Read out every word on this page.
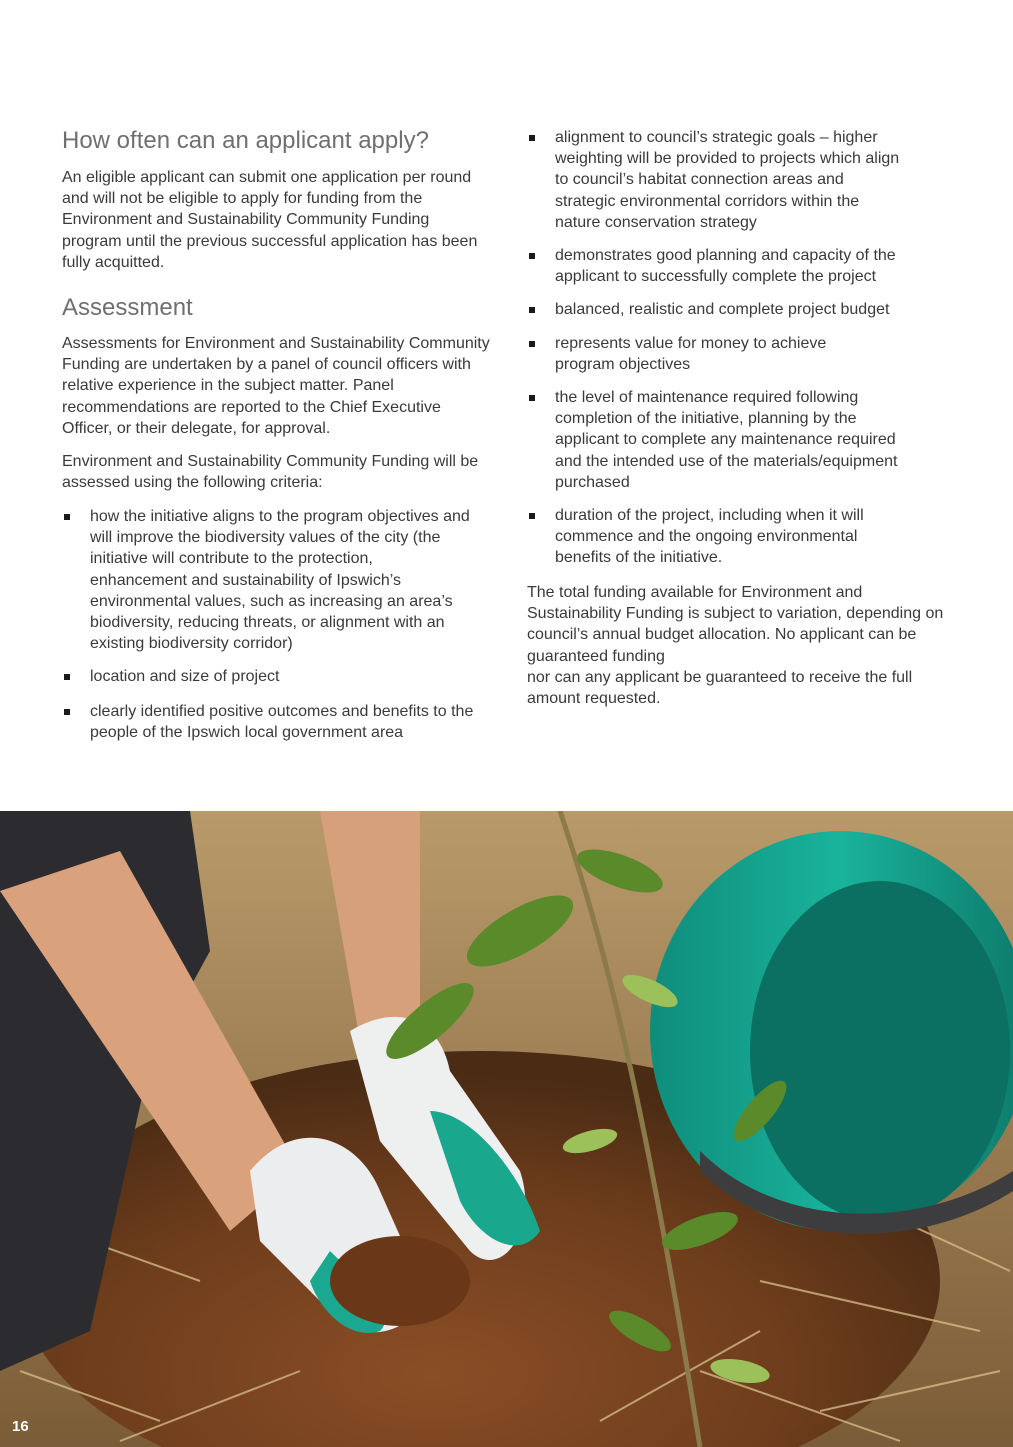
How often can an applicant apply?

An eligible applicant can submit one application per round and will not be eligible to apply for funding from the Environment and Sustainability Community Funding program until the previous successful application has been fully acquitted.

Assessment

Assessments for Environment and Sustainability Community Funding are undertaken by a panel of council officers with relative experience in the subject matter. Panel recommendations are reported to the Chief Executive Officer, or their delegate, for approval.

Environment and Sustainability Community Funding will be assessed using the following criteria:

how the initiative aligns to the program objectives and will improve the biodiversity values of the city (the initiative will contribute to the protection, enhancement and sustainability of Ipswich’s environmental values, such as increasing an area’s biodiversity, reducing threats, or alignment with an existing biodiversity corridor)
location and size of project
clearly identified positive outcomes and benefits to the people of the Ipswich local government area
alignment to council’s strategic goals – higher weighting will be provided to projects which align to council’s habitat connection areas and strategic environmental corridors within the nature conservation strategy
demonstrates good planning and capacity of the applicant to successfully complete the project
balanced, realistic and complete project budget
represents value for money to achieve program objectives
the level of maintenance required following completion of the initiative, planning by the applicant to complete any maintenance required and the intended use of the materials/equipment purchased
duration of the project, including when it will commence and the ongoing environmental benefits of the initiative.

The total funding available for Environment and Sustainability Funding is subject to variation, depending on council’s annual budget allocation. No applicant can be guaranteed funding
nor can any applicant be guaranteed to receive the full amount requested.

16
